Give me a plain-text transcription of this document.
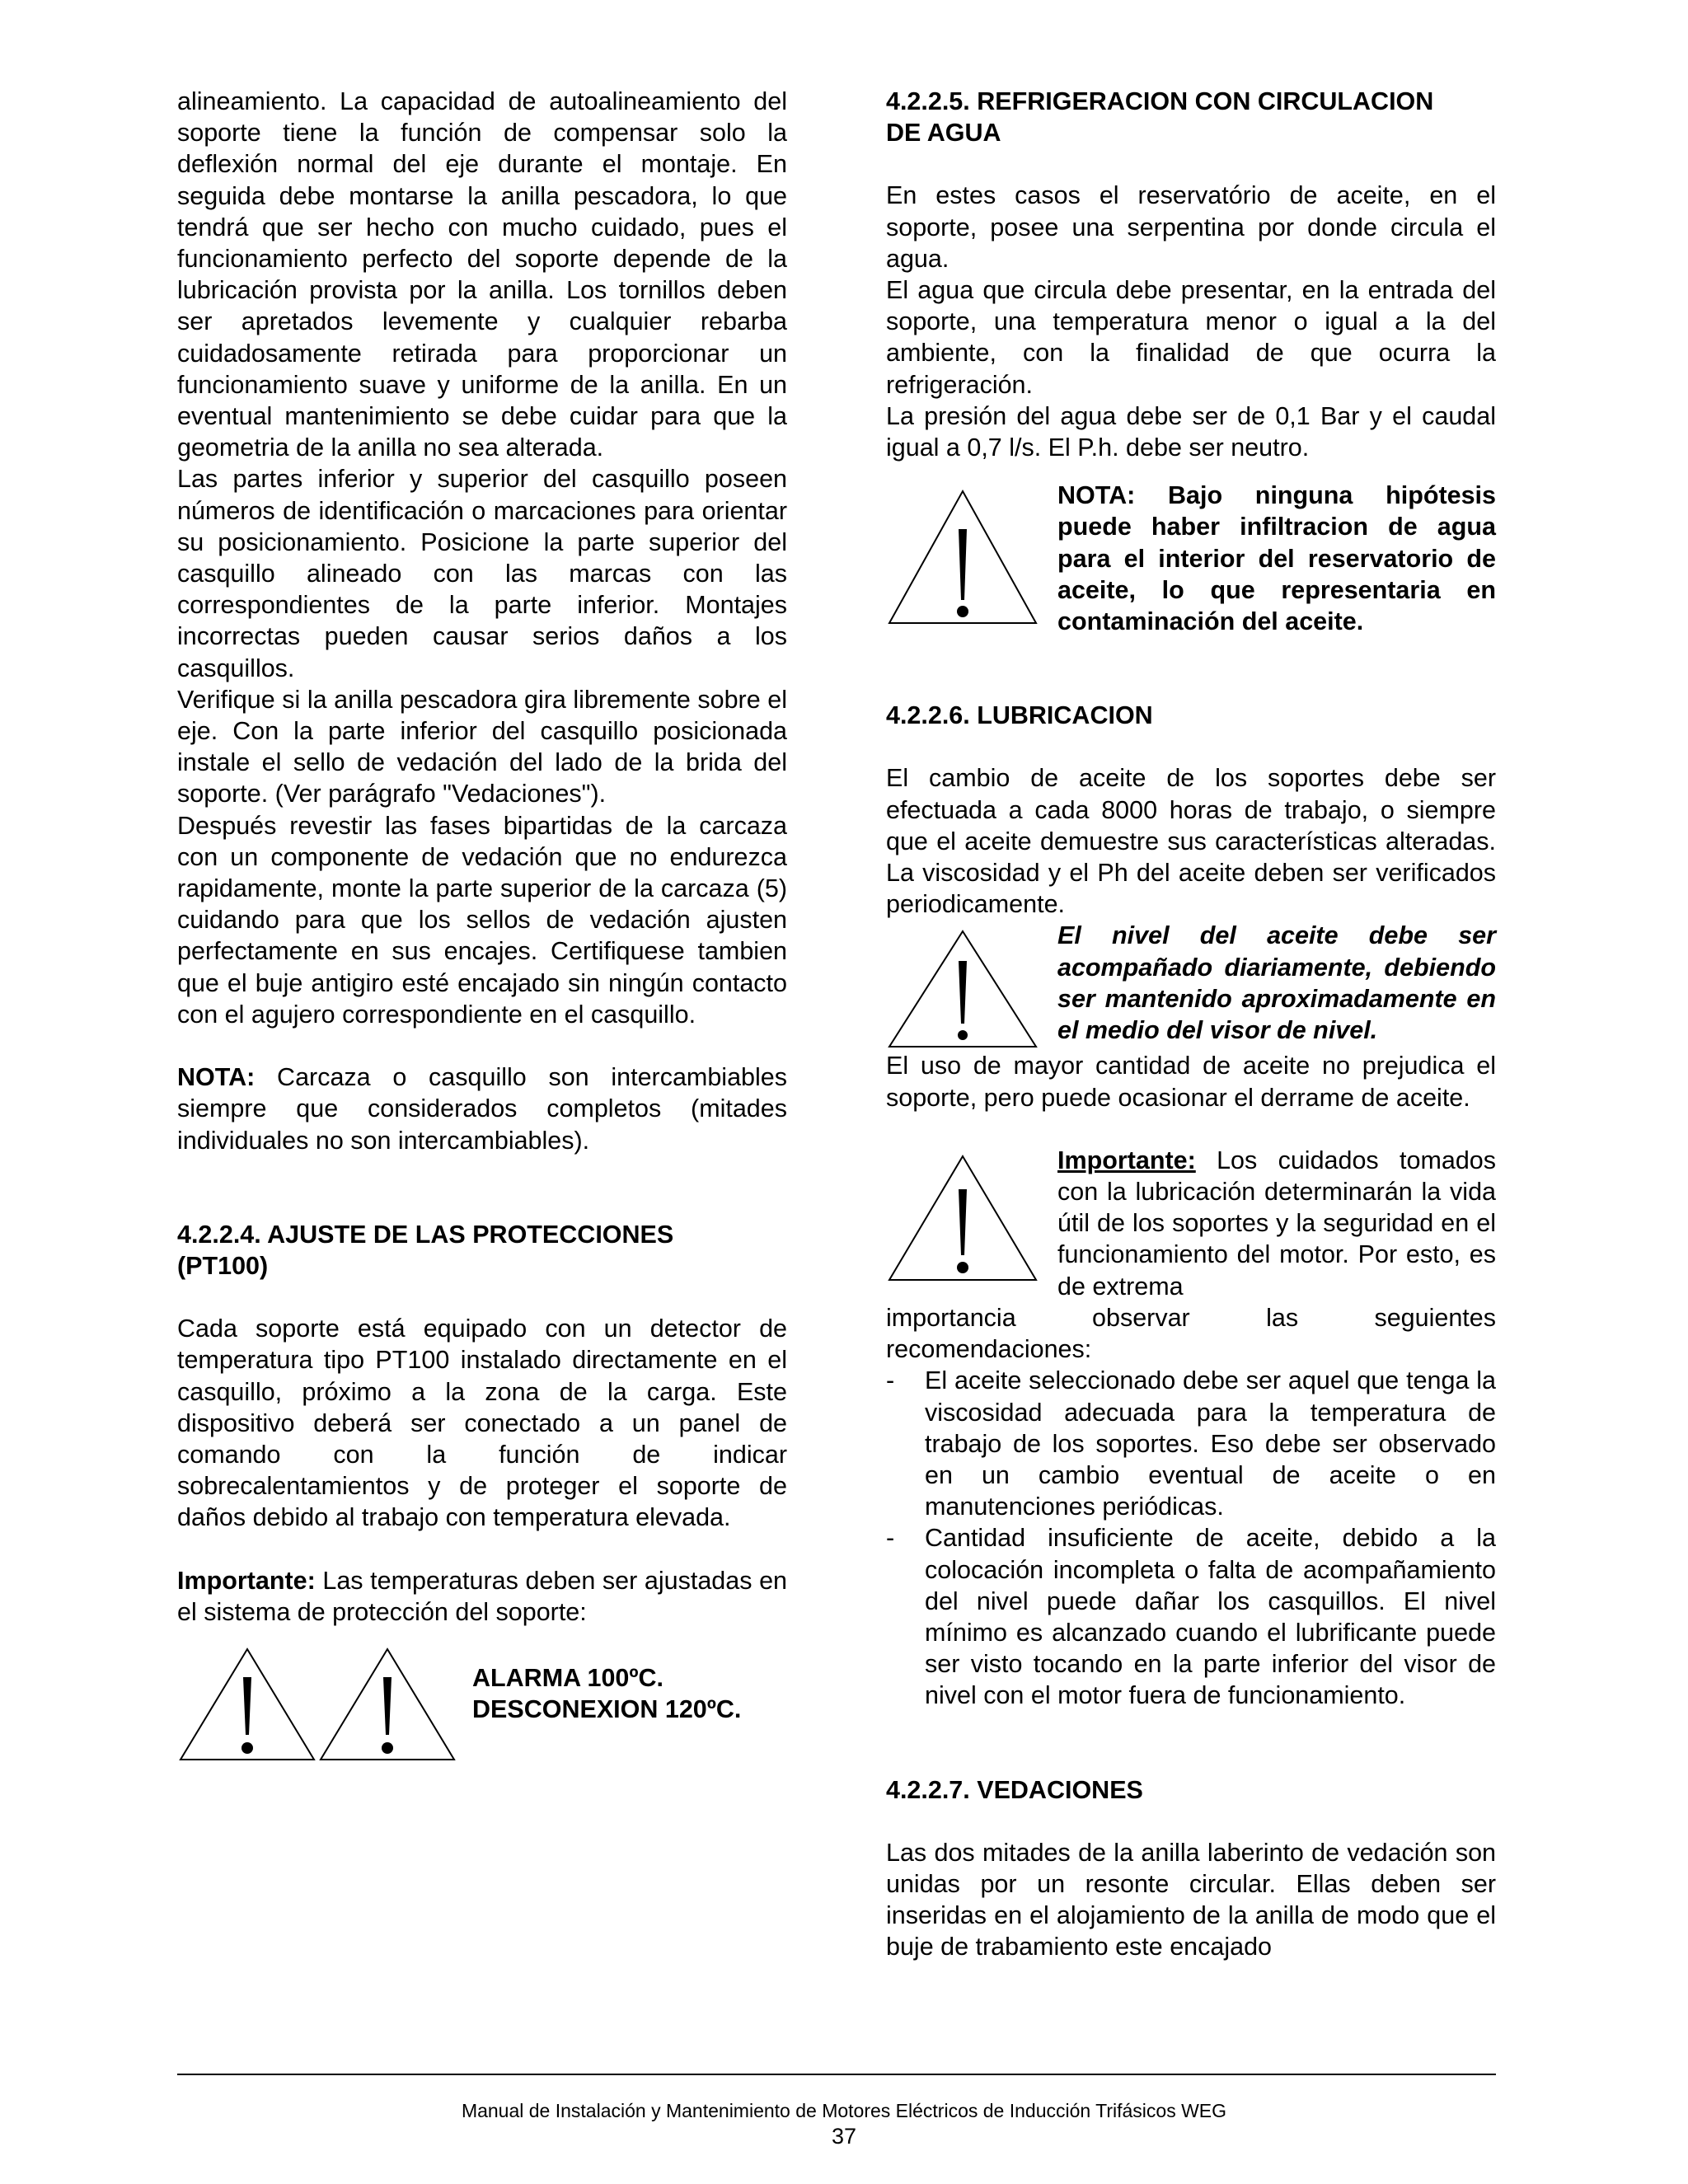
alineamiento. La capacidad de autoalineamiento del soporte tiene la función de compensar solo la deflexión normal del eje durante el montaje. En seguida debe montarse la anilla pescadora, lo que tendrá que ser hecho con mucho cuidado, pues el funcionamiento perfecto del soporte depende de la lubricación provista por la anilla. Los tornillos deben ser apretados levemente y cualquier rebarba cuidadosamente retirada para proporcionar un funcionamiento suave y uniforme de la anilla. En un eventual mantenimiento se debe cuidar para que la geometria de la anilla no sea alterada.

Las partes inferior y superior del casquillo poseen números de identificación o marcaciones para orientar su posicionamiento. Posicione la parte superior del casquillo alineado con las marcas con las correspondientes de la parte inferior. Montajes incorrectas pueden causar serios daños a los casquillos.

Verifique si la anilla pescadora gira libremente sobre el eje. Con la parte inferior del casquillo posicionada instale el sello de vedación del lado de la brida del soporte. (Ver parágrafo "Vedaciones").

Después revestir las fases bipartidas de la carcaza con un componente de vedación que no endurezca rapidamente, monte la parte superior de la carcaza (5) cuidando para que los sellos de vedación ajusten perfectamente en sus encajes. Certifiquese tambien que el buje antigiro esté encajado sin ningún contacto con el agujero correspondiente en el casquillo.

NOTA: Carcaza o casquillo son intercambiables siempre que considerados completos (mitades individuales no son intercambiables).

4.2.2.4. AJUSTE DE LAS PROTECCIONES
(PT100)

Cada soporte está equipado con un detector de temperatura tipo PT100 instalado directamente en el casquillo, próximo a la zona de la carga. Este dispositivo deberá ser conectado a un panel de comando con la función de indicar sobrecalentamientos y de proteger el soporte de daños debido al trabajo con temperatura elevada.

Importante: Las temperaturas deben ser ajustadas en el sistema de protección del soporte:

ALARMA 100ºC.
DESCONEXION 120ºC.
4.2.2.5. REFRIGERACION CON CIRCULACION
DE AGUA

En estes casos el reservatório de aceite, en el soporte, posee una serpentina por donde circula el agua.

El agua que circula debe presentar, en la entrada del soporte, una temperatura menor o igual a la del ambiente, con la finalidad de que ocurra la refrigeración.

La presión del agua debe ser de 0,1 Bar y el caudal igual a 0,7 l/s. El P.h. debe ser neutro.

NOTA: Bajo ninguna hipótesis puede haber infiltracion de agua para el interior del reservatorio de aceite, lo que representaria en contaminación del aceite.

4.2.2.6. LUBRICACION

El cambio de aceite de los soportes debe ser efectuada a cada 8000 horas de trabajo, o siempre que el aceite demuestre sus características alteradas. La viscosidad y el Ph del aceite deben ser verificados periodicamente.

El nivel del aceite debe ser acompañado diariamente, debiendo ser mantenido aproximadamente en el medio del visor de nivel.

El uso de mayor cantidad de aceite no prejudica el soporte, pero puede ocasionar el derrame de aceite.

Importante: Los cuidados tomados con la lubricación determinarán la vida útil de los soportes y la seguridad en el funcionamiento del motor. Por esto, es de extrema

importancia observar las seguientes recomendaciones:

-	El aceite seleccionado debe ser aquel que tenga la viscosidad adecuada para la temperatura de trabajo de los soportes. Eso debe ser observado en un cambio eventual de aceite o en manutenciones periódicas.
-	Cantidad insuficiente de aceite, debido a la colocación incompleta o falta de acompañamiento del nivel puede dañar los casquillos. El nivel mínimo es alcanzado cuando el lubrificante puede ser visto tocando en la parte inferior del visor de nivel con el motor fuera de funcionamiento.
4.2.2.7. VEDACIONES

Las dos mitades de la anilla laberinto de vedación son unidas por un resonte circular. Ellas deben ser inseridas en el alojamiento de la anilla de modo que el buje de trabamiento este encajado

Manual de Instalación y Mantenimiento de Motores Eléctricos de Inducción Trifásicos WEG
37
